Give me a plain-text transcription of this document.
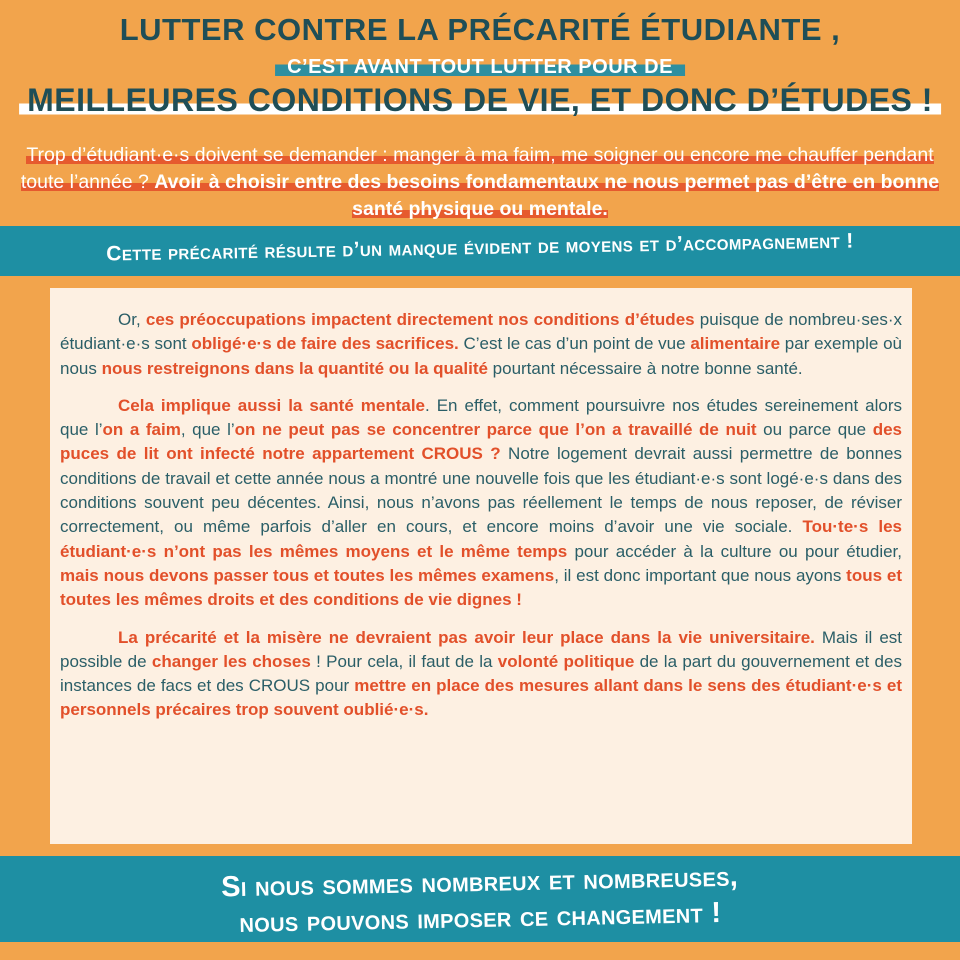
LUTTER CONTRE LA PRÉCARITÉ ÉTUDIANTE ,
C’EST AVANT TOUT LUTTER POUR DE
MEILLEURES CONDITIONS DE VIE, ET DONC D’ÉTUDES !
Trop d’étudiant·e·s doivent se demander : manger à ma faim, me soigner ou encore me chauffer pendant toute l’année ? Avoir à choisir entre des besoins fondamentaux ne nous permet pas d’être en bonne santé physique ou mentale.
Cette précarité résulte d’un manque évident de moyens et d’accompagnement !

Or, ces préoccupations impactent directement nos conditions d’études puisque de nombreu·ses·x étudiant·e·s sont obligé·e·s de faire des sacrifices. C’est le cas d’un point de vue alimentaire par exemple où nous nous restreignons dans la quantité ou la qualité pourtant nécessaire à notre bonne santé.

Cela implique aussi la santé mentale. En effet, comment poursuivre nos études sereinement alors que l’on a faim, que l’on ne peut pas se concentrer parce que l’on a travaillé de nuit ou parce que des puces de lit ont infecté notre appartement CROUS ? Notre logement devrait aussi permettre de bonnes conditions de travail et cette année nous a montré une nouvelle fois que les étudiant·e·s sont logé·e·s dans des conditions souvent peu décentes. Ainsi, nous n’avons pas réellement le temps de nous reposer, de réviser correctement, ou même parfois d’aller en cours, et encore moins d’avoir une vie sociale. Tou·te·s les étudiant·e·s n’ont pas les mêmes moyens et le même temps pour accéder à la culture ou pour étudier, mais nous devons passer tous et toutes les mêmes examens, il est donc important que nous ayons tous et toutes les mêmes droits et des conditions de vie dignes !

La précarité et la misère ne devraient pas avoir leur place dans la vie universitaire. Mais il est possible de changer les choses ! Pour cela, il faut de la volonté politique de la part du gouvernement et des instances de facs et des CROUS pour mettre en place des mesures allant dans le sens des étudiant·e·s et personnels précaires trop souvent oublié·e·s.

Si nous sommes nombreux et nombreuses,
nous pouvons imposer ce changement !
